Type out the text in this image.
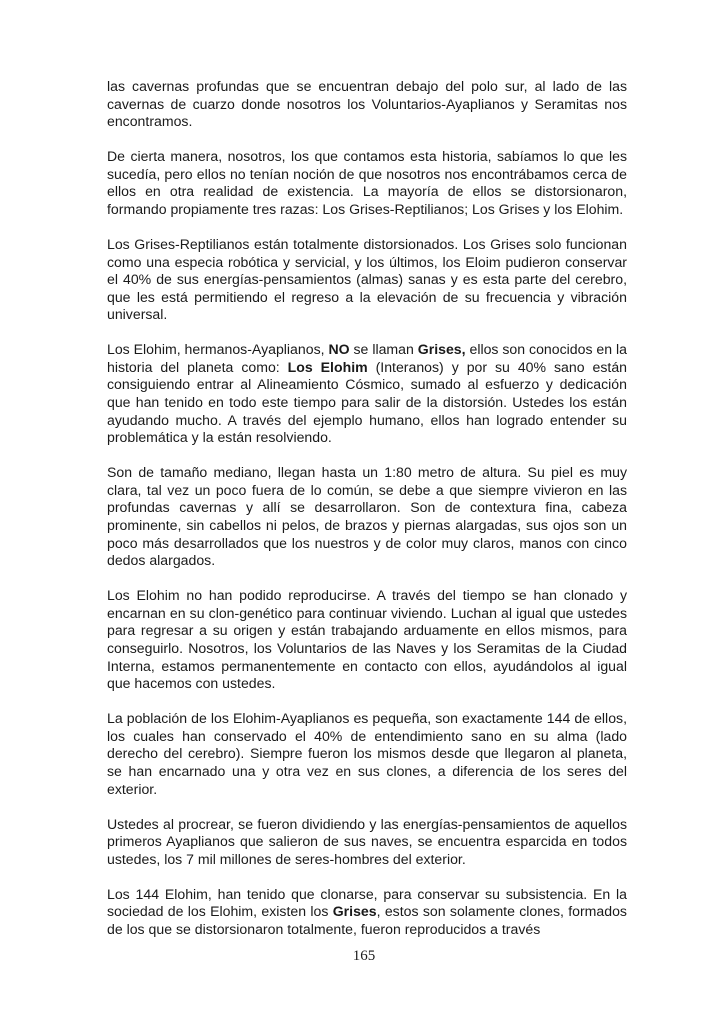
las cavernas profundas que se encuentran debajo del polo sur, al lado de las cavernas de cuarzo donde nosotros los Voluntarios-Ayaplianos y Seramitas nos encontramos.

De cierta manera, nosotros, los que contamos esta historia, sabíamos lo que les sucedía, pero ellos no tenían noción de que nosotros nos encontrábamos cerca de ellos en otra realidad de existencia. La mayoría de ellos se distorsionaron, formando propiamente tres razas: Los Grises-Reptilianos; Los Grises y los Elohim.

Los Grises-Reptilianos están totalmente distorsionados. Los Grises solo funcionan como una especia robótica y servicial, y los últimos, los Eloim pudieron conservar el 40% de sus energías-pensamientos (almas) sanas y es esta parte del cerebro, que les está permitiendo el regreso a la elevación de su frecuencia y vibración universal.

Los Elohim, hermanos-Ayaplianos, NO se llaman Grises, ellos son conocidos en la historia del planeta como: Los Elohim (Interanos) y por su 40% sano están consiguiendo entrar al Alineamiento Cósmico, sumado al esfuerzo y dedicación que han tenido en todo este tiempo para salir de la distorsión. Ustedes los están ayudando mucho. A través del ejemplo humano, ellos han logrado entender su problemática y la están resolviendo.

Son de tamaño mediano, llegan hasta un 1:80 metro de altura. Su piel es muy clara, tal vez un poco fuera de lo común, se debe a que siempre vivieron en las profundas cavernas y allí se desarrollaron. Son de contextura fina, cabeza prominente, sin cabellos ni pelos, de brazos y piernas alargadas, sus ojos son un poco más desarrollados que los nuestros y de color muy claros, manos con cinco dedos alargados.

Los Elohim no han podido reproducirse. A través del tiempo se han clonado y encarnan en su clon-genético para continuar viviendo. Luchan al igual que ustedes para regresar a su origen y están trabajando arduamente en ellos mismos, para conseguirlo. Nosotros, los Voluntarios de las Naves y los Seramitas de la Ciudad Interna, estamos permanentemente en contacto con ellos, ayudándolos al igual que hacemos con ustedes.

La población de los Elohim-Ayaplianos es pequeña, son exactamente 144 de ellos, los cuales han conservado el 40% de entendimiento sano en su alma (lado derecho del cerebro). Siempre fueron los mismos desde que llegaron al planeta, se han encarnado una y otra vez en sus clones, a diferencia de los seres del exterior.

Ustedes al procrear, se fueron dividiendo y las energías-pensamientos de aquellos primeros Ayaplianos que salieron de sus naves, se encuentra esparcida en todos ustedes, los 7 mil millones de seres-hombres del exterior.

Los 144 Elohim, han tenido que clonarse, para conservar su subsistencia. En la sociedad de los Elohim, existen los Grises, estos son solamente clones, formados de los que se distorsionaron totalmente, fueron reproducidos a través

165
